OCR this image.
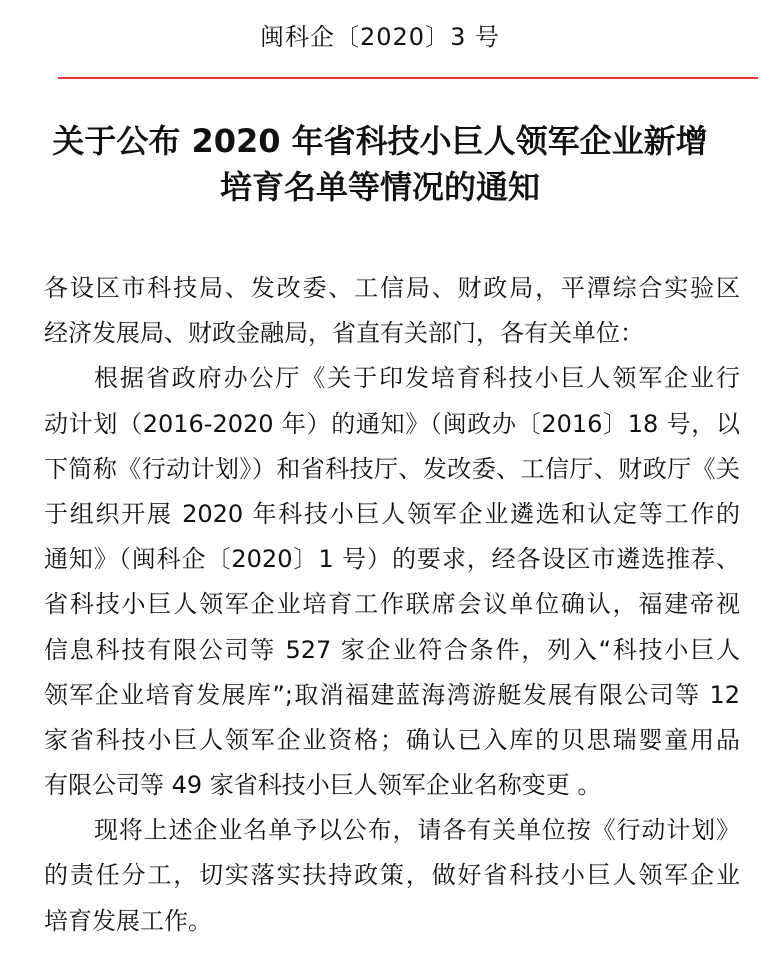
闽科企〔2020〕3 号
关于公布 2020 年省科技小巨人领军企业新增
培育名单等情况的通知
各设区市科技局、发改委、工信局、财政局，平潭综合实验区
经济发展局、财政金融局，省直有关部门，各有关单位：
根据省政府办公厅《关于印发培育科技小巨人领军企业行
动计划（2016-2020 年）的通知》（闽政办〔2016〕18 号，以
下简称《行动计划》）和省科技厅、发改委、工信厅、财政厅《关
于组织开展 2020 年科技小巨人领军企业遴选和认定等工作的
通知》（闽科企〔2020〕1 号）的要求，经各设区市遴选推荐、
省科技小巨人领军企业培育工作联席会议单位确认，福建帝视
信息科技有限公司等 527 家企业符合条件，列入“科技小巨人
领军企业培育发展库”;取消福建蓝海湾游艇发展有限公司等 12
家省科技小巨人领军企业资格；确认已入库的贝思瑞婴童用品
有限公司等 49 家省科技小巨人领军企业名称变更 。
现将上述企业名单予以公布，请各有关单位按《行动计划》
的责任分工，切实落实扶持政策，做好省科技小巨人领军企业
培育发展工作。
